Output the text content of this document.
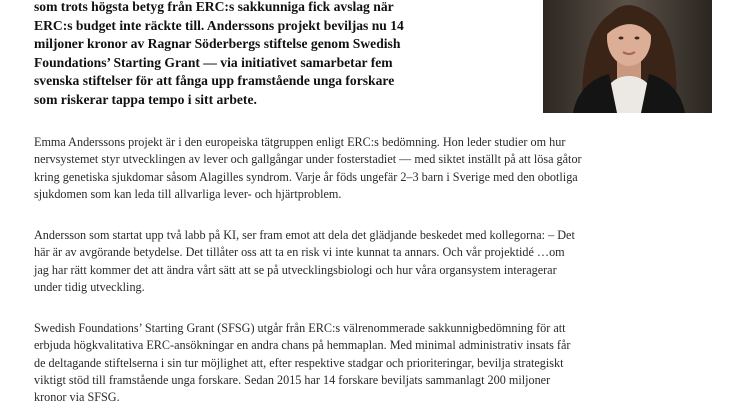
som trots högsta betyg från ERC:s sakkunniga fick avslag när
ERC:s budget inte räckte till. Anderssons projekt beviljas nu 14
miljoner kronor av Ragnar Söderbergs stiftelse genom Swedish
Foundations’ Starting Grant — via initiativet samarbetar fem
svenska stiftelser för att fånga upp framstående unga forskare
som riskerar tappa tempo i sitt arbete.
Emma Anderssons projekt är i den europeiska tätgruppen enligt ERC:s bedömning. Hon leder studier om hur
nervsystemet styr utvecklingen av lever och gallgångar under fosterstadiet — med siktet inställt på att lösa gåtor
kring genetiska sjukdomar såsom Alagilles syndrom. Varje år föds ungefär 2–3 barn i Sverige med den obotliga
sjukdomen som kan leda till allvarliga lever- och hjärtproblem.
Andersson som startat upp två labb på KI, ser fram emot att dela det glädjande beskedet med kollegorna: – Det
här är av avgörande betydelse. Det tillåter oss att ta en risk vi inte kunnat ta annars. Och vår projektidé …om
jag har rätt kommer det att ändra vårt sätt att se på utvecklingsbiologi och hur våra organsystem interagerar
under tidig utveckling.
Swedish Foundations’ Starting Grant (SFSG) utgår från ERC:s välrenommerade sakkunnigbedömning för att
erbjuda högkvalitativa ERC-ansökningar en andra chans på hemmaplan. Med minimal administrativ insats får
de deltagande stiftelserna i sin tur möjlighet att, efter respektive stadgar och prioriteringar, bevilja strategiskt
viktigt stöd till framstående unga forskare. Sedan 2015 har 14 forskare beviljats sammanlagt 200 miljoner
kronor via SFSG.
